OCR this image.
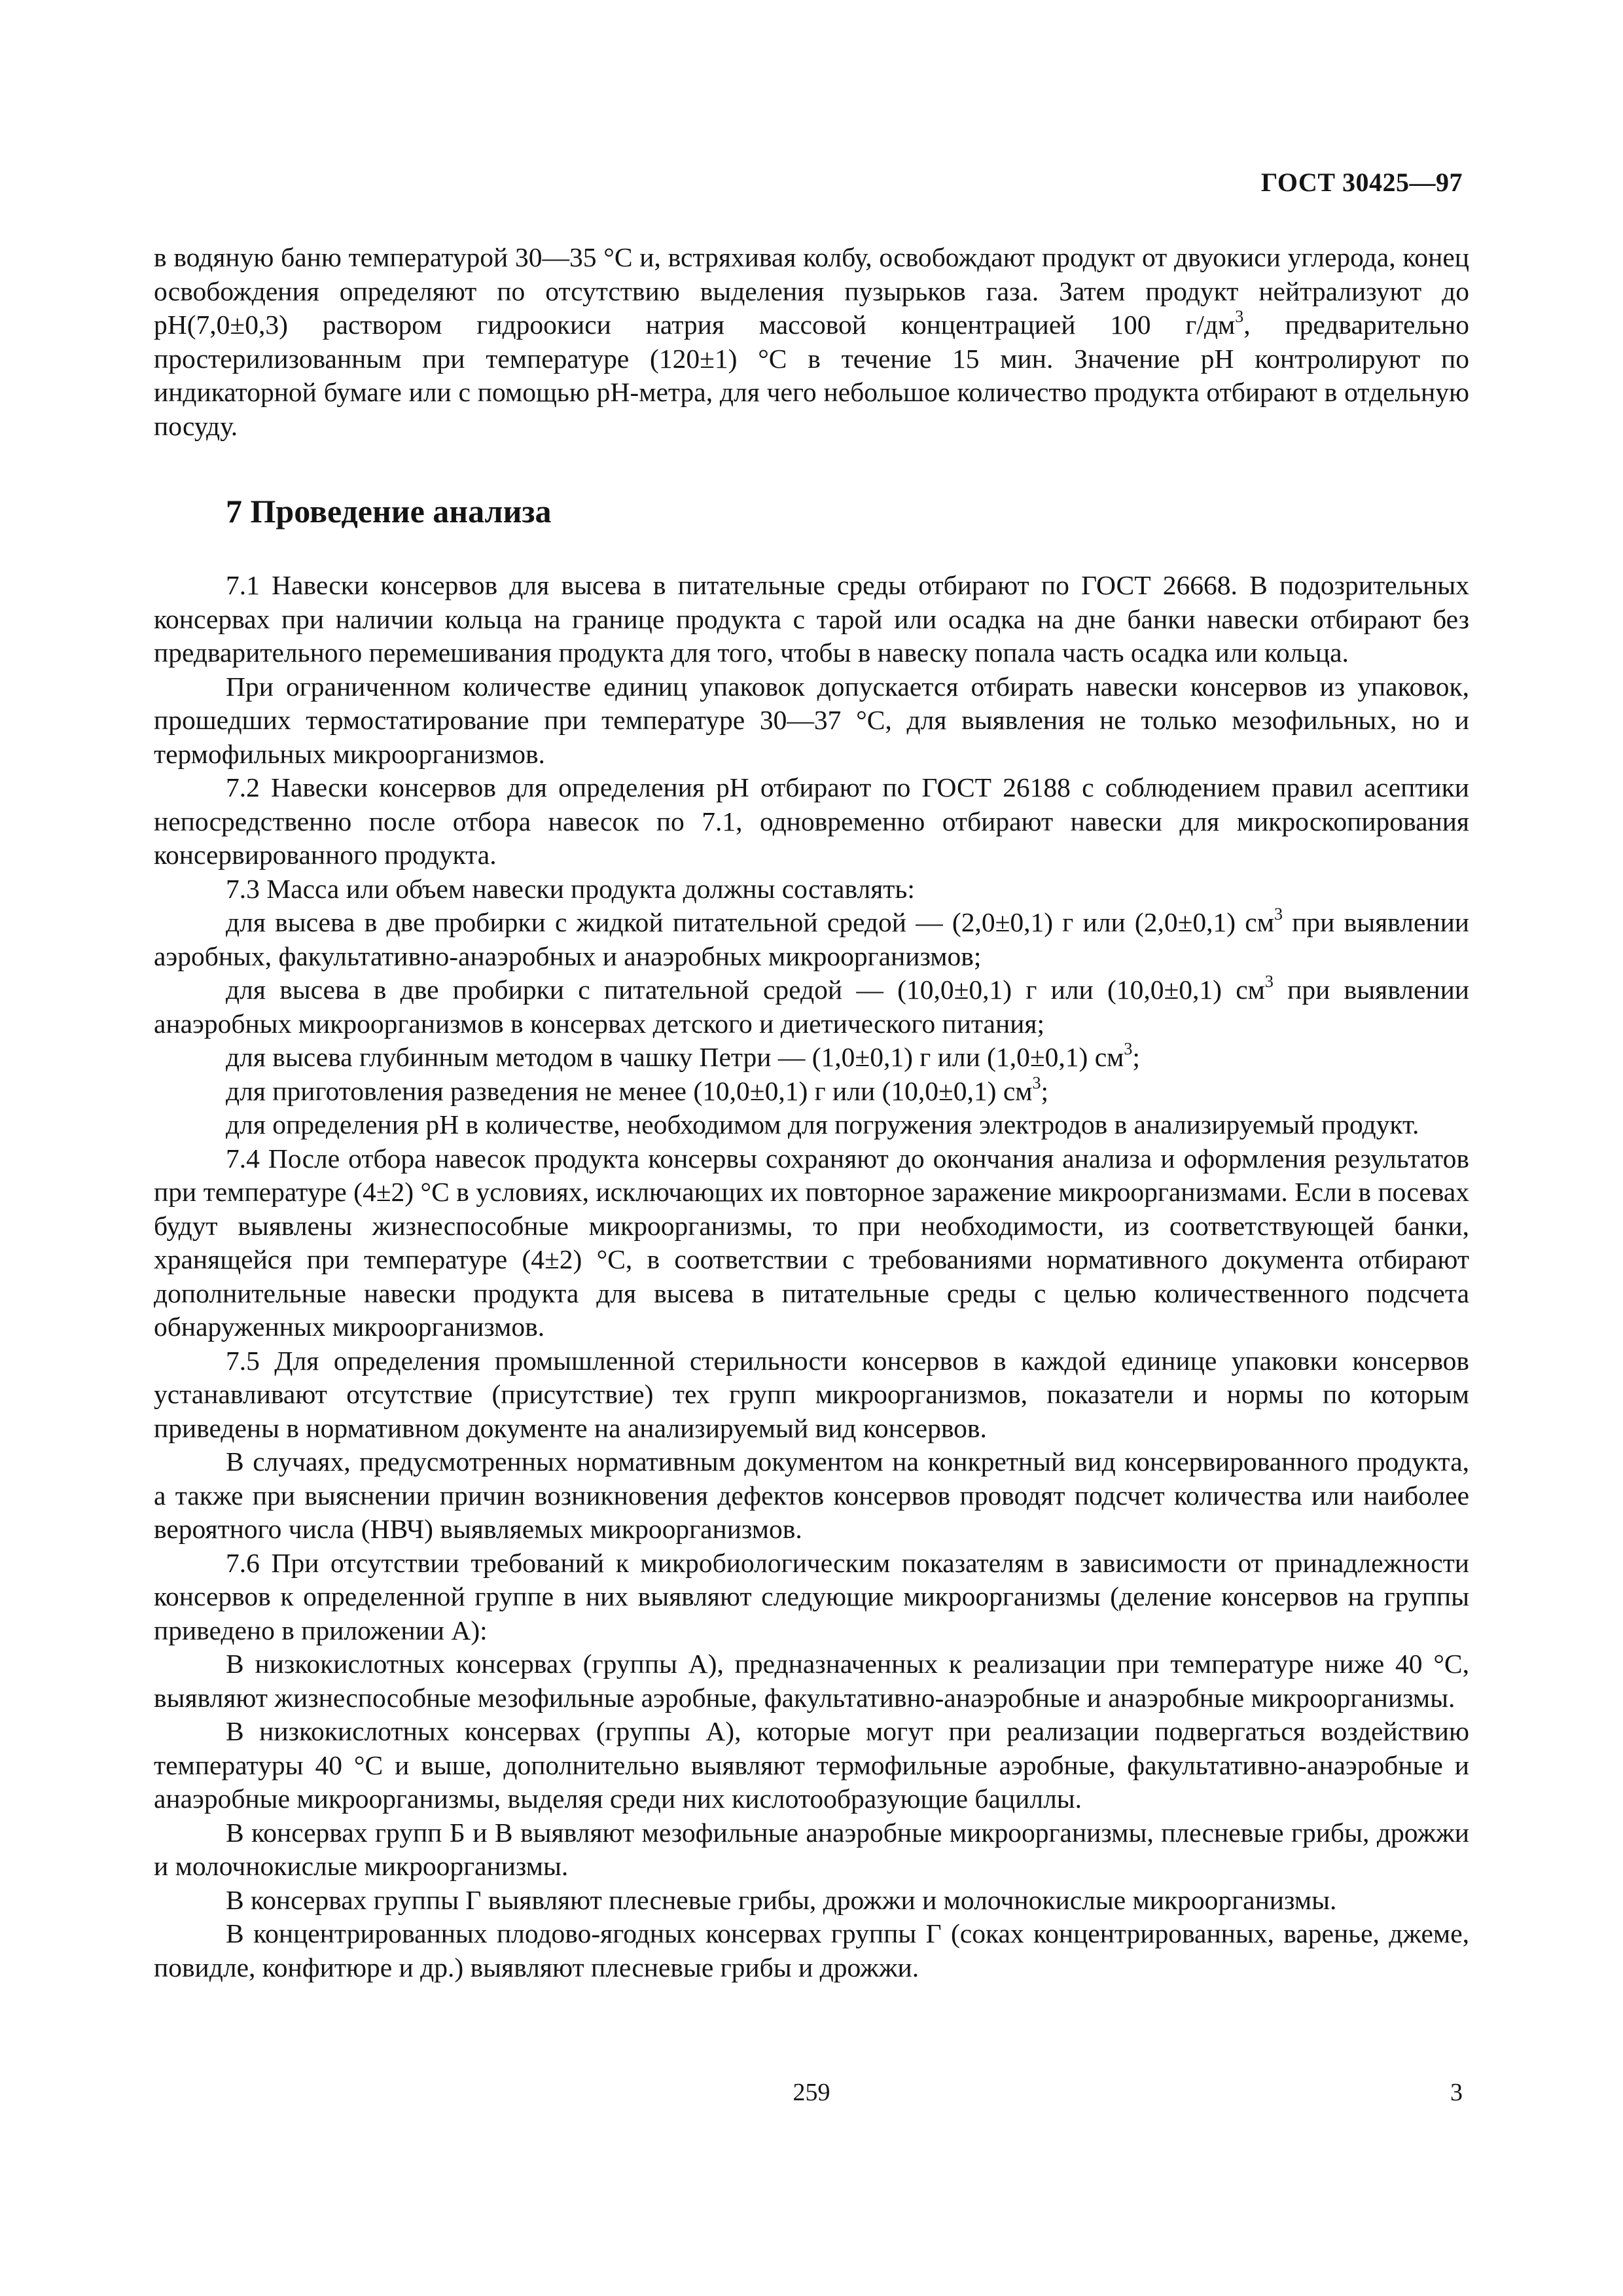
ГОСТ 30425—97

в водяную баню температурой 30—35 °С и, встряхивая колбу, освобождают продукт от двуокиси углерода, конец освобождения определяют по отсутствию выделения пузырьков газа. Затем продукт нейтрализуют до pH(7,0±0,3) раствором гидроокиси натрия массовой концентрацией 100 $г/дм^3$, предварительно простерилизованным при температуре (120±1) °С в течение 15 мин. Значение pH контролируют по индикаторной бумаге или с помощью pH-метра, для чего небольшое количество продукта отбирают в отдельную посуду.

7 Проведение анализа

7.1 Навески консервов для высева в питательные среды отбирают по ГОСТ 26668. В подозрительных консервах при наличии кольца на границе продукта с тарой или осадка на дне банки навески отбирают без предварительного перемешивания продукта для того, чтобы в навеску попала часть осадка или кольца.

При ограниченном количестве единиц упаковок допускается отбирать навески консервов из упаковок, прошедших термостатирование при температуре 30—37 °С, для выявления не только мезофильных, но и термофильных микроорганизмов.

7.2 Навески консервов для определения pH отбирают по ГОСТ 26188 с соблюдением правил асептики непосредственно после отбора навесок по 7.1, одновременно отбирают навески для микроскопирования консервированного продукта.

7.3 Масса или объем навески продукта должны составлять:

для высева в две пробирки с жидкой питательной средой — (2,0±0,1) г или (2,0±0,1) $см^3$ при выявлении аэробных, факультативно-анаэробных и анаэробных микроорганизмов;

для высева в две пробирки с питательной средой — (10,0±0,1) г или (10,0±0,1) $см^3$ при выявлении анаэробных микроорганизмов в консервах детского и диетического питания;

для высева глубинным методом в чашку Петри — (1,0±0,1) г или (1,0±0,1) $см^3$;

для приготовления разведения не менее (10,0±0,1) г или (10,0±0,1) $см^3$;

для определения pH в количестве, необходимом для погружения электродов в анализируемый продукт.

7.4 После отбора навесок продукта консервы сохраняют до окончания анализа и оформления результатов при температуре (4±2) °С в условиях, исключающих их повторное заражение микроорганизмами. Если в посевах будут выявлены жизнеспособные микроорганизмы, то при необходимости, из соответствующей банки, хранящейся при температуре (4±2) °С, в соответствии с требованиями нормативного документа отбирают дополнительные навески продукта для высева в питательные среды с целью количественного подсчета обнаруженных микроорганизмов.

7.5 Для определения промышленной стерильности консервов в каждой единице упаковки консервов устанавливают отсутствие (присутствие) тех групп микроорганизмов, показатели и нормы по которым приведены в нормативном документе на анализируемый вид консервов.

В случаях, предусмотренных нормативным документом на конкретный вид консервированного продукта, а также при выяснении причин возникновения дефектов консервов проводят подсчет количества или наиболее вероятного числа (НВЧ) выявляемых микроорганизмов.

7.6 При отсутствии требований к микробиологическим показателям в зависимости от принадлежности консервов к определенной группе в них выявляют следующие микроорганизмы (деление консервов на группы приведено в приложении А):

В низкокислотных консервах (группы А), предназначенных к реализации при температуре ниже 40 °С, выявляют жизнеспособные мезофильные аэробные, факультативно-анаэробные и анаэробные микроорганизмы.

В низкокислотных консервах (группы А), которые могут при реализации подвергаться воздействию температуры 40 °С и выше, дополнительно выявляют термофильные аэробные, факультативно-анаэробные и анаэробные микроорганизмы, выделяя среди них кислотообразующие бациллы.

В консервах групп Б и В выявляют мезофильные анаэробные микроорганизмы, плесневые грибы, дрожжи и молочнокислые микроорганизмы.

В консервах группы Г выявляют плесневые грибы, дрожжи и молочнокислые микроорганизмы.

В концентрированных плодово-ягодных консервах группы Г (соках концентрированных, варенье, джеме, повидле, конфитюре и др.) выявляют плесневые грибы и дрожжи.

259	3
